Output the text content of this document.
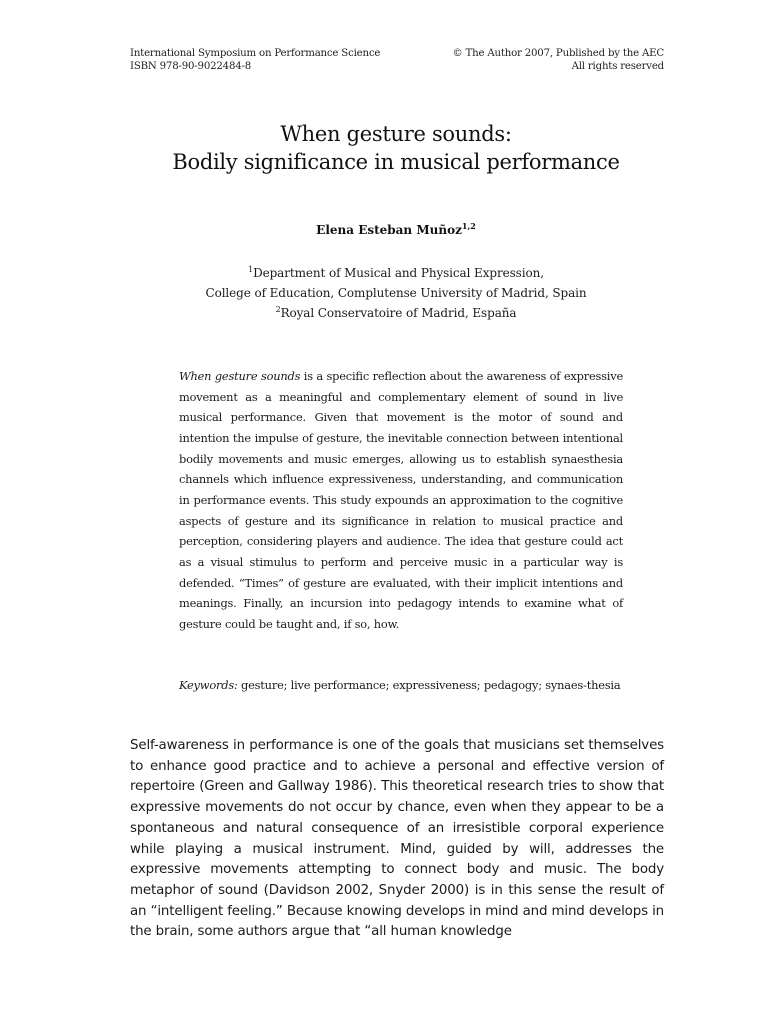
International Symposium on Performance Science
ISBN 978-90-9022484-8
© The Author 2007, Published by the AEC
All rights reserved
When gesture sounds:
Bodily significance in musical performance
Elena Esteban Muñoz$^{1,2}$
$^1$Department of Musical and Physical Expression,
College of Education, Complutense University of Madrid, Spain
$^2$Royal Conservatoire of Madrid, España

When gesture sounds is a specific reflection about the awareness of expressive movement as a meaningful and complementary element of sound in live musical performance. Given that movement is the motor of sound and intention the impulse of gesture, the inevitable connection between intentional bodily movements and music emerges, allowing us to establish synaesthesia channels which influence expressiveness, understanding, and communication in performance events. This study expounds an approximation to the cognitive aspects of gesture and its significance in relation to musical practice and perception, considering players and audience. The idea that gesture could act as a visual stimulus to perform and perceive music in a particular way is defended. “Times” of gesture are evaluated, with their implicit intentions and meanings. Finally, an incursion into pedagogy intends to examine what of gesture could be taught and, if so, how.

Keywords: gesture; live performance; expressiveness; pedagogy; synaes-thesia

Self-awareness in performance is one of the goals that musicians set themselves to enhance good practice and to achieve a personal and effective version of repertoire (Green and Gallway 1986). This theoretical research tries to show that expressive movements do not occur by chance, even when they appear to be a spontaneous and natural consequence of an irresistible corporal experience while playing a musical instrument. Mind, guided by will, addresses the expressive movements attempting to connect body and music. The body metaphor of sound (Davidson 2002, Snyder 2000) is in this sense the result of an “intelligent feeling.” Because knowing develops in mind and mind develops in the brain, some authors argue that “all human knowledge
